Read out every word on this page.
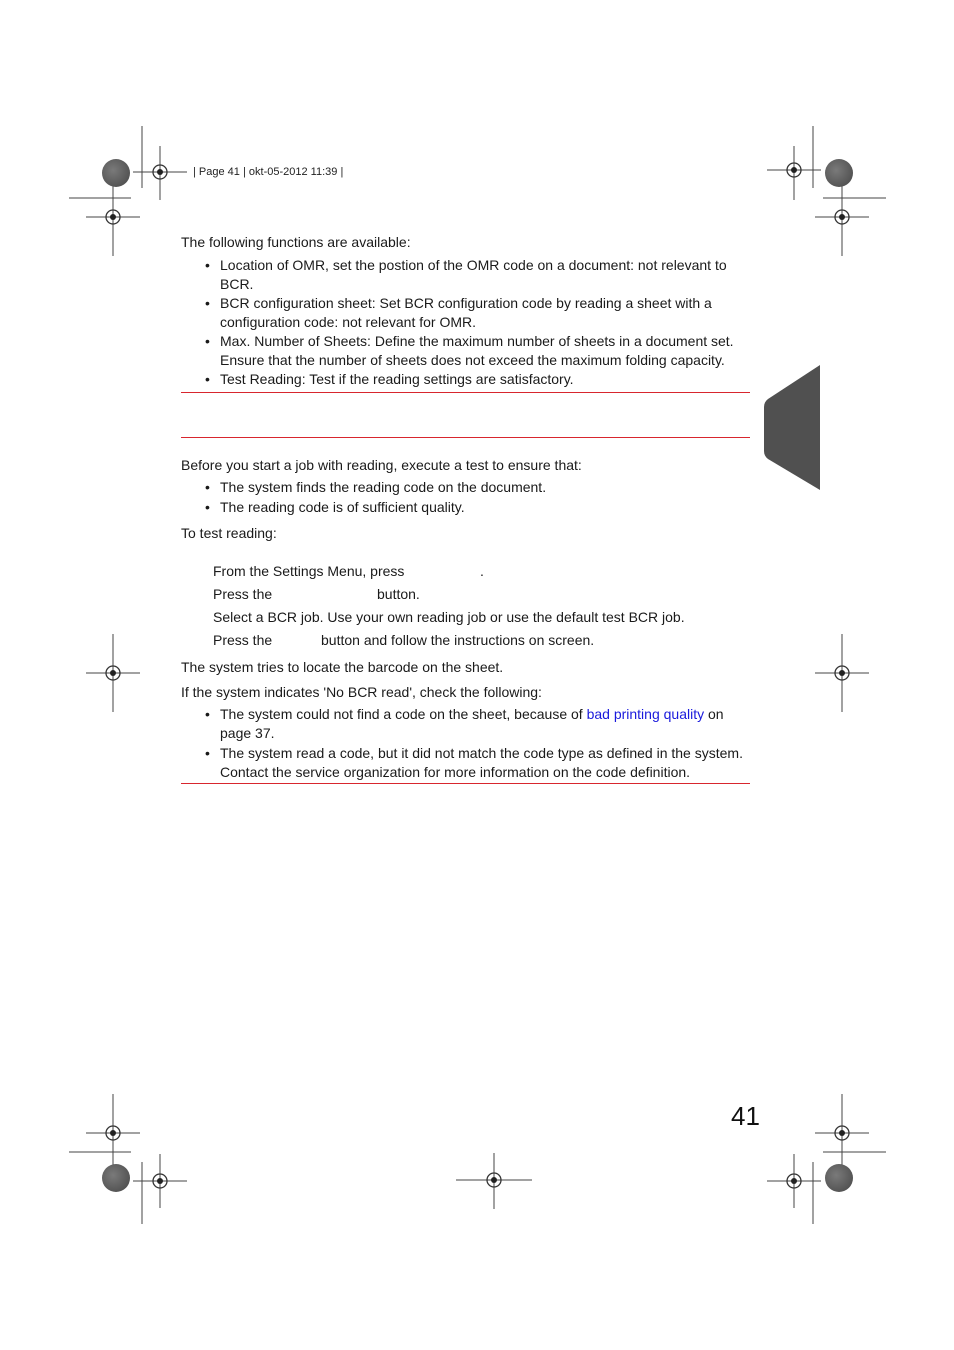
| Page 41 | okt-05-2012 11:39 |
The following functions are available:
• Location of OMR, set the postion of the OMR code on a document: not relevant to
BCR.
• BCR configuration sheet: Set BCR configuration code by reading a sheet with a
configuration code: not relevant for OMR.
• Max. Number of Sheets: Define the maximum number of sheets in a document set.
Ensure that the number of sheets does not exceed the maximum folding capacity.
• Test Reading: Test if the reading settings are satisfactory.
Before you start a job with reading, execute a test to ensure that:
• The system finds the reading code on the document.
• The reading code is of sufficient quality.
To test reading:
From the Settings Menu, press	.
Press the	button.
Select a BCR job. Use your own reading job or use the default test BCR job.
Press the	button and follow the instructions on screen.
The system tries to locate the barcode on the sheet.
If the system indicates 'No BCR read', check the following:
• The system could not find a code on the sheet, because of bad printing quality on
page 37.
• The system read a code, but it did not match the code type as defined in the system.
Contact the service organization for more information on the code definition.
41
